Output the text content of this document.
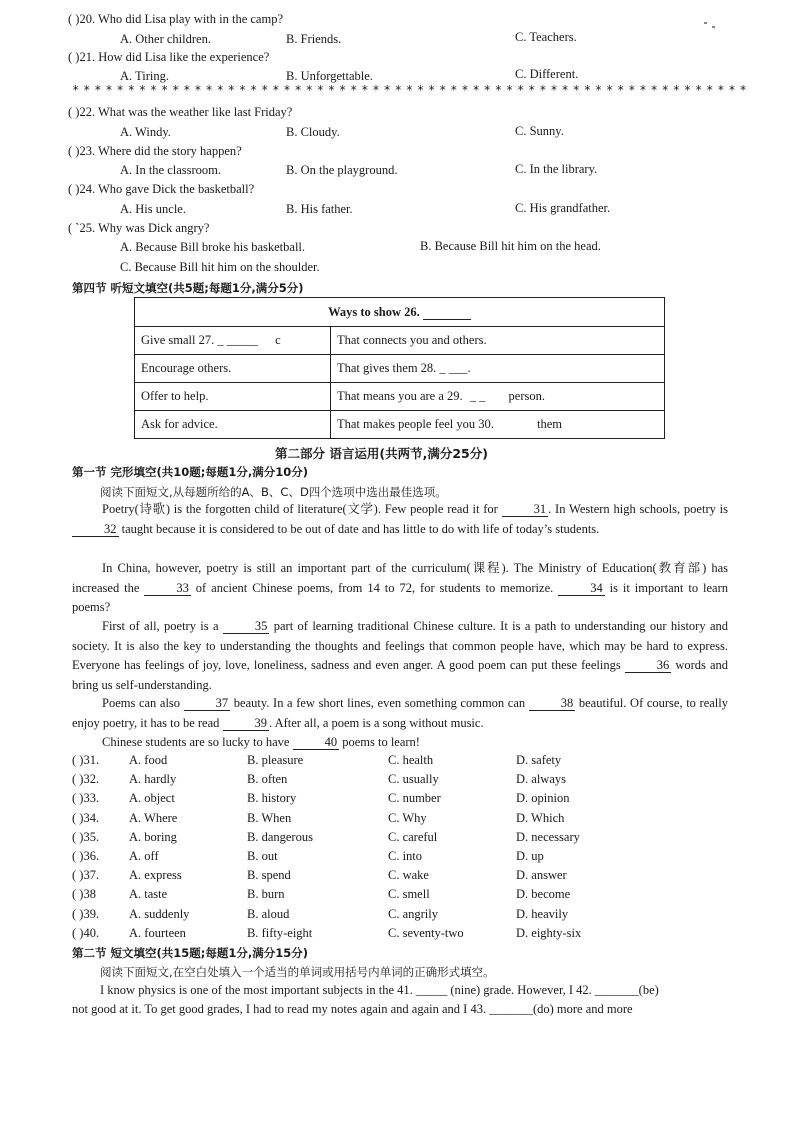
( )20. Who did Lisa play with in the camp?
A. Other children.	B. Friends.	C. Teachers.
( )21. How did Lisa like the experience?
A. Tiring.	B. Unforgettable.	C. Different.
*************************************************************
( )22. What was the weather like last Friday?
A. Windy.	B. Cloudy.	C. Sunny.
( )23. Where did the story happen?
A. In the classroom.	B. On the playground.	C. In the library.
( )24. Who gave Dick the basketball?
A. His uncle.	B. His father.	C. His grandfather.
( `25. Why was Dick angry?
A. Because Bill broke his basketball.	B. Because Bill hit him on the head.
C. Because Bill hit him on the shoulder.
第四节 听短文填空(共5题;每题1分,满分5分)
Ways to show 26.	
Give small 27. _ _____ c	That connects you and others.
Encourage others.	That gives them 28. _ ___.
Offer to help.	That means you are a 29. _ _ person.
Ask for advice.	That makes people feel you 30. them
第二部分 语言运用(共两节,满分25分)
第一节 完形填空(共10题;每题1分,满分10分)
阅读下面短文,从每题所给的A、B、C、D四个选项中选出最佳选项。
Poetry(诗歌) is the forgotten child of literature(文学). Few people read it for	31 . In Western high schools, poetry is 32 taught because it is considered to be out of date and has little to do with life of today’s students.
In China, however, poetry is still an important part of the curriculum(课程). The Ministry of Education(教育部) has increased the	33 of ancient Chinese poems, from 14 to 72, for students to memorize.	34 is it important to learn poems?
First of all, poetry is a	35 part of learning traditional Chinese culture. It is a path to understanding our history and society. It is also the key to understanding the thoughts and feelings that common people have, which may be hard to express. Everyone has feelings of joy, love, loneliness, sadness and even anger. A good poem can put these feelings	36 words and bring us self-understanding.
Poems can also	37 beauty. In a few short lines, even something common can	38 beautiful. Of course, to really enjoy poetry, it has to be read	39 . After all, a poem is a song without music.
Chinese students are so lucky to have	40 poems to learn!
( )31. A. food	B. pleasure	C. health	D. safety
( )32. A. hardly	B. often	C. usually	D. always
( )33. A. object	B. history	C. number	D. opinion
( )34. A. Where	B. When	C. Why	D. Which
( )35. A. boring	B. dangerous	C. careful	D. necessary
( )36. A. off	B. out	C. into	D. up
( )37. A. express	B. spend	C. wake	D. answer
( )38	A. taste	B. burn	C. smell	D. become
( )39. A. suddenly	B. aloud	C. angrily	D. heavily
( )40. A. fourteen	B. fifty-eight	C. seventy-two	D. eighty-six
第二节 短文填空(共15题;每题1分,满分15分)
阅读下面短文,在空白处填入一个适当的单词或用括号内单词的正确形式填空。
I know physics is one of the most important subjects in the 41. _____ (nine) grade. However, I 42. _______(be)
not good at it. To get good grades, I had to read my notes again and again and I 43. _______(do) more and more
